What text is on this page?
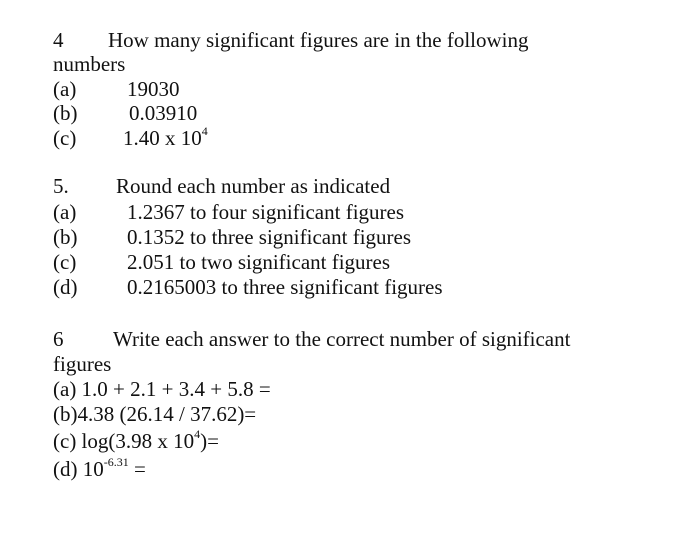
4 How many significant figures are in the following
numbers
(a) 19030
(b) 0.03910
(c) 1.40 x $10^4$
5. Round each number as indicated
(a) 1.2367 to four significant figures
(b) 0.1352 to three significant figures
(c) 2.051 to two significant figures
(d) 0.2165003 to three significant figures
6 Write each answer to the correct number of significant
figures
(a) 1.0 + 2.1 + 3.4 + 5.8 =
(b)4.38 (26.14 / 37.62)=
(c) log(3.98 x $10^4)=$
(d) $10^{-6.31}$ =
